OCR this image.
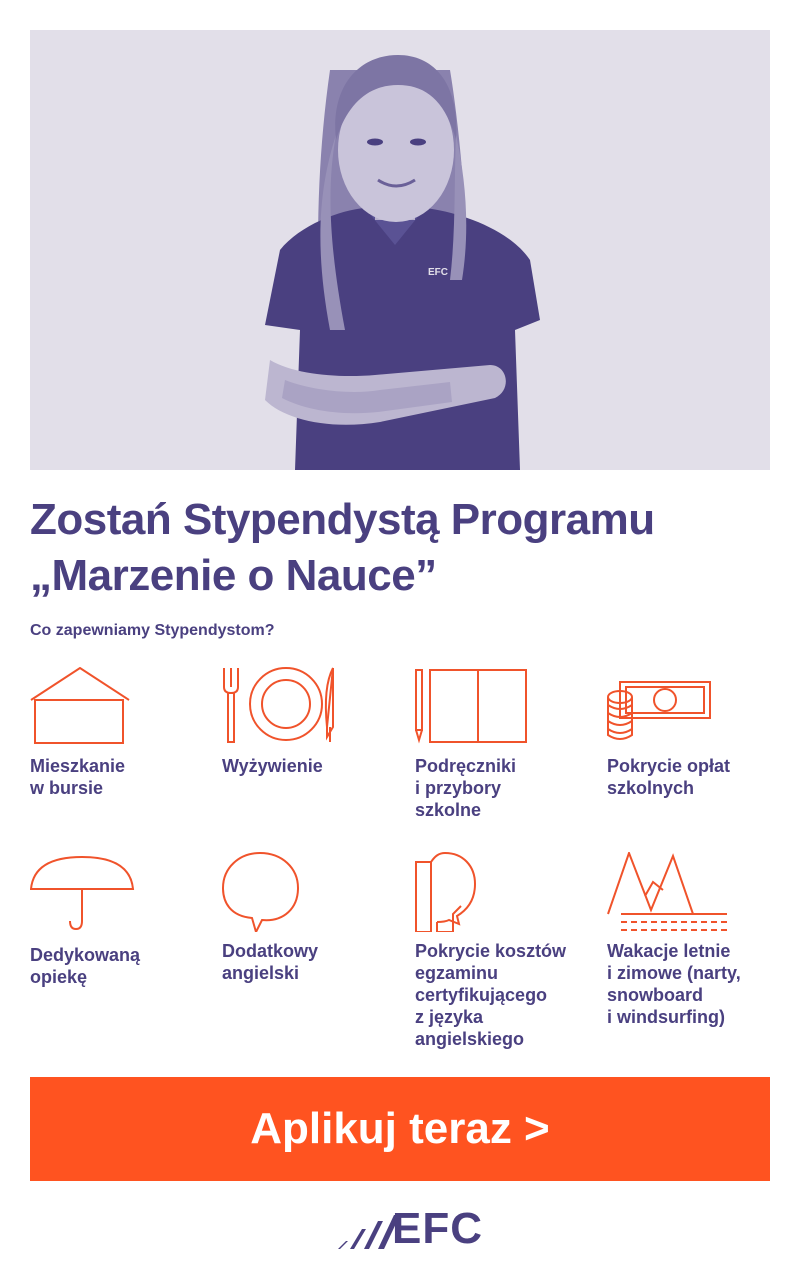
EFC
Zostań Stypendystą Programu
„Marzenie o Nauce”
Co zapewniamy Stypendystom?
Mieszkanie
w bursie
Wyżywienie	Podręczniki
i przybory
szkolne
Pokrycie opłat
szkolnych
Dedykowaną
opiekę
Dodatkowy
angielski
Pokrycie kosztów
egzaminu
certyfikującego
z języka
angielskiego
Wakacje letnie
i zimowe (narty,
snowboard
i windsurfing)
Aplikuj teraz >
EFC
